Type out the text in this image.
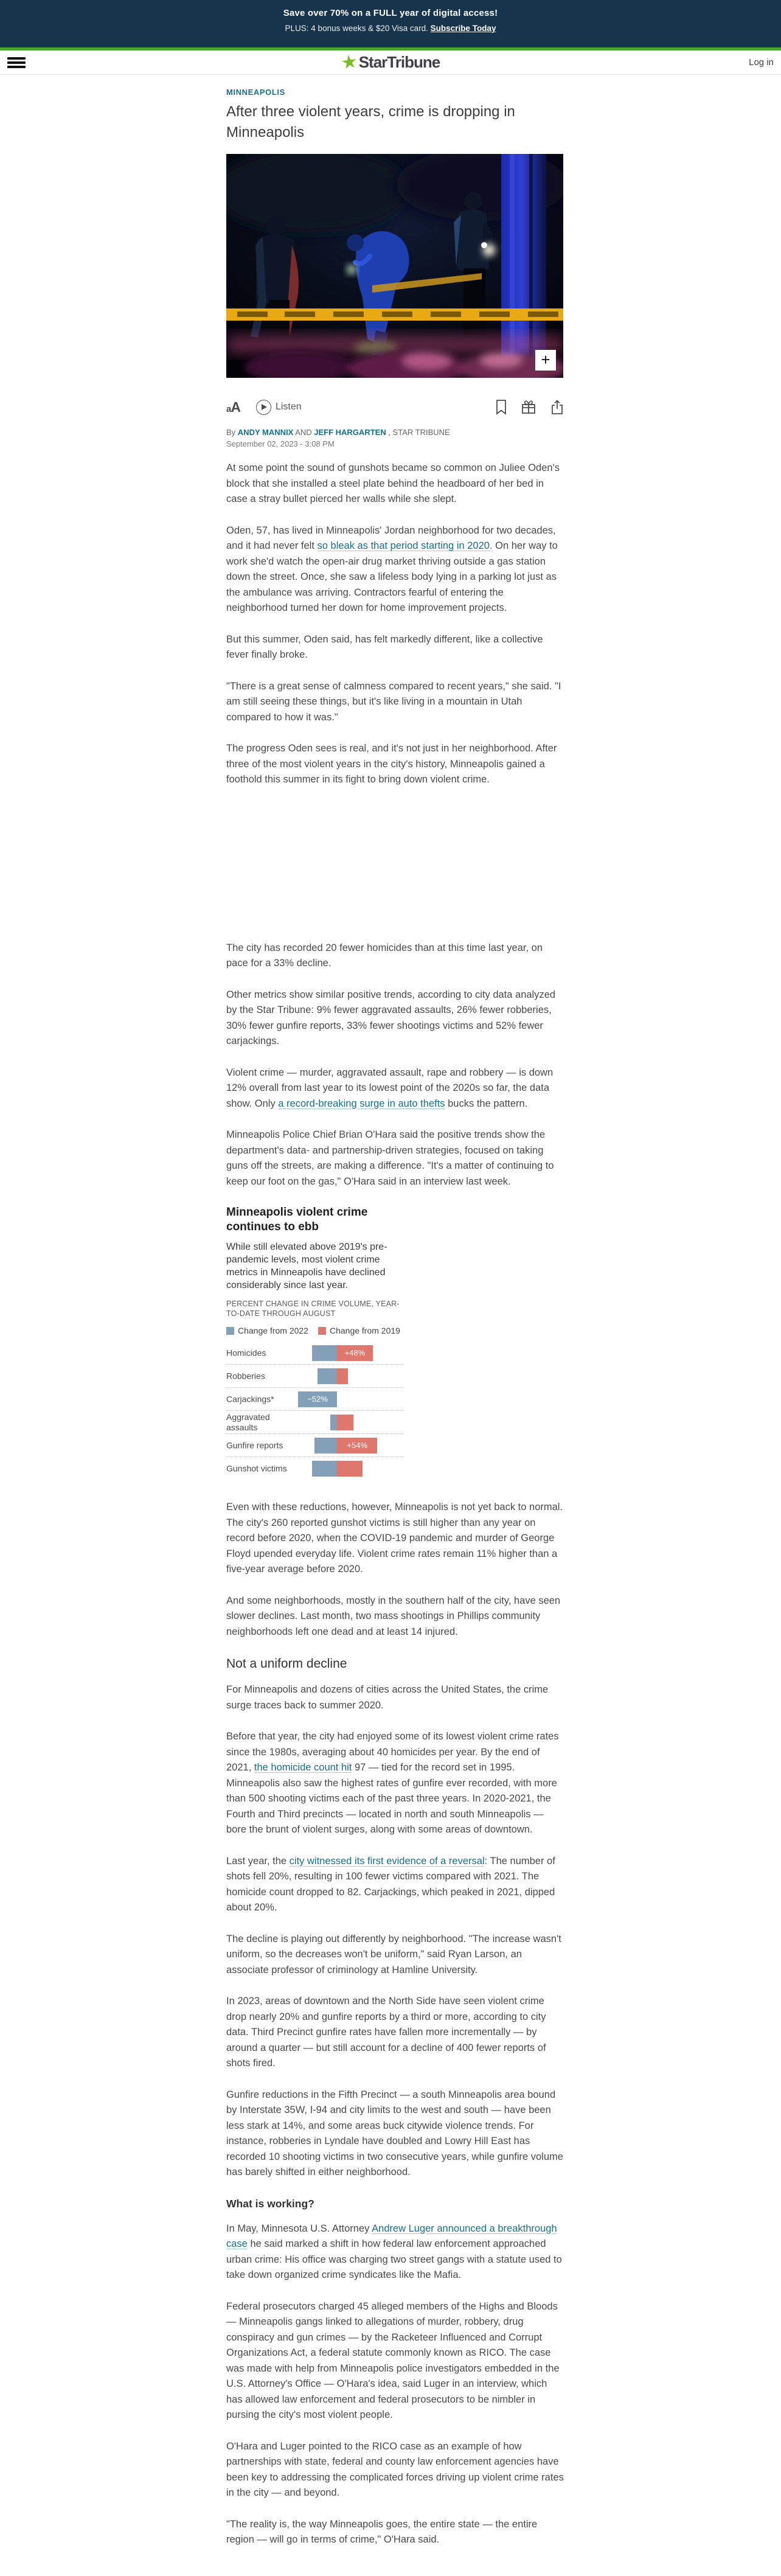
Save over 70% on a FULL year of digital access!
PLUS: 4 bonus weeks & $20 Visa card. Subscribe Today
★ StarTribune	Log in
MINNEAPOLIS
After three violent years, crime is dropping in Minneapolis
+
aA	Listen
By ANDY MANNIX AND JEFF HARGARTEN , STAR TRIBUNE
September 02, 2023 - 3:08 PM

At some point the sound of gunshots became so common on Juliee Oden's block that she installed a steel plate behind the headboard of her bed in case a stray bullet pierced her walls while she slept.

Oden, 57, has lived in Minneapolis' Jordan neighborhood for two decades, and it had never felt so bleak as that period starting in 2020. On her way to work she'd watch the open-air drug market thriving outside a gas station down the street. Once, she saw a lifeless body lying in a parking lot just as the ambulance was arriving. Contractors fearful of entering the neighborhood turned her down for home improvement projects.

But this summer, Oden said, has felt markedly different, like a collective fever finally broke.

"There is a great sense of calmness compared to recent years," she said. "I am still seeing these things, but it's like living in a mountain in Utah compared to how it was."

The progress Oden sees is real, and it's not just in her neighborhood. After three of the most violent years in the city's history, Minneapolis gained a foothold this summer in its fight to bring down violent crime.

The city has recorded 20 fewer homicides than at this time last year, on pace for a 33% decline.

Other metrics show similar positive trends, according to city data analyzed by the Star Tribune: 9% fewer aggravated assaults, 26% fewer robberies, 30% fewer gunfire reports, 33% fewer shootings victims and 52% fewer carjackings.

Violent crime — murder, aggravated assault, rape and robbery — is down 12% overall from last year to its lowest point of the 2020s so far, the data show. Only a record-breaking surge in auto thefts bucks the pattern.

Minneapolis Police Chief Brian O'Hara said the positive trends show the department's data- and partnership-driven strategies, focused on taking guns off the streets, are making a difference. "It's a matter of continuing to keep our foot on the gas," O'Hara said in an interview last week.

Minneapolis violent crime continues to ebb
While still elevated above 2019's pre-pandemic levels, most violent crime metrics in Minneapolis have declined considerably since last year.
PERCENT CHANGE IN CRIME VOLUME, YEAR-TO-DATE THROUGH AUGUST
Change from 2022	Change from 2019
Homicides	+48%
Robberies
Carjackings*	−52%
Aggravated assaults
Gunfire reports	+54%
Gunshot victims

Even with these reductions, however, Minneapolis is not yet back to normal. The city's 260 reported gunshot victims is still higher than any year on record before 2020, when the COVID-19 pandemic and murder of George Floyd upended everyday life. Violent crime rates remain 11% higher than a five-year average before 2020.

And some neighborhoods, mostly in the southern half of the city, have seen slower declines. Last month, two mass shootings in Phillips community neighborhoods left one dead and at least 14 injured.

Not a uniform decline

For Minneapolis and dozens of cities across the United States, the crime surge traces back to summer 2020.

Before that year, the city had enjoyed some of its lowest violent crime rates since the 1980s, averaging about 40 homicides per year. By the end of 2021, the homicide count hit 97 — tied for the record set in 1995. Minneapolis also saw the highest rates of gunfire ever recorded, with more than 500 shooting victims each of the past three years. In 2020-2021, the Fourth and Third precincts — located in north and south Minneapolis — bore the brunt of violent surges, along with some areas of downtown.

Last year, the city witnessed its first evidence of a reversal: The number of shots fell 20%, resulting in 100 fewer victims compared with 2021. The homicide count dropped to 82. Carjackings, which peaked in 2021, dipped about 20%.

The decline is playing out differently by neighborhood. "The increase wasn't uniform, so the decreases won't be uniform," said Ryan Larson, an associate professor of criminology at Hamline University.

In 2023, areas of downtown and the North Side have seen violent crime drop nearly 20% and gunfire reports by a third or more, according to city data. Third Precinct gunfire rates have fallen more incrementally — by around a quarter — but still account for a decline of 400 fewer reports of shots fired.

Gunfire reductions in the Fifth Precinct — a south Minneapolis area bound by Interstate 35W, I-94 and city limits to the west and south — have been less stark at 14%, and some areas buck citywide violence trends. For instance, robberies in Lyndale have doubled and Lowry Hill East has recorded 10 shooting victims in two consecutive years, while gunfire volume has barely shifted in either neighborhood.

What is working?

In May, Minnesota U.S. Attorney Andrew Luger announced a breakthrough case he said marked a shift in how federal law enforcement approached urban crime: His office was charging two street gangs with a statute used to take down organized crime syndicates like the Mafia.

Federal prosecutors charged 45 alleged members of the Highs and Bloods — Minneapolis gangs linked to allegations of murder, robbery, drug conspiracy and gun crimes — by the Racketeer Influenced and Corrupt Organizations Act, a federal statute commonly known as RICO. The case was made with help from Minneapolis police investigators embedded in the U.S. Attorney's Office — O'Hara's idea, said Luger in an interview, which has allowed law enforcement and federal prosecutors to be nimbler in pursing the city's most violent people.

O'Hara and Luger pointed to the RICO case as an example of how partnerships with state, federal and county law enforcement agencies have been key to addressing the complicated forces driving up violent crime rates in the city — and beyond.

"The reality is, the way Minneapolis goes, the entire state — the entire region — will go in terms of crime," O'Hara said.
